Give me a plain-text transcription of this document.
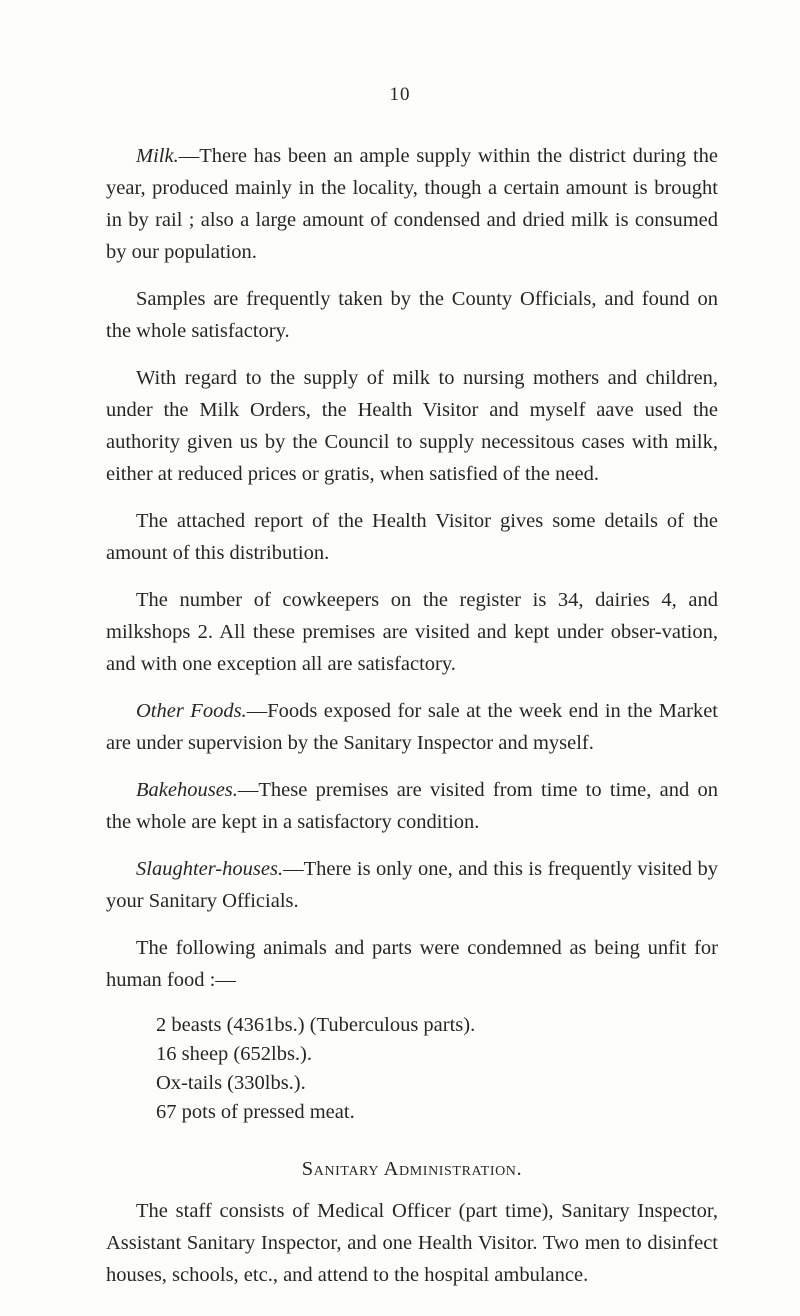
10

Milk.—There has been an ample supply within the district during the year, produced mainly in the locality, though a certain amount is brought in by rail ; also a large amount of condensed and dried milk is consumed by our population.

Samples are frequently taken by the County Officials, and found on the whole satisfactory.

With regard to the supply of milk to nursing mothers and children, under the Milk Orders, the Health Visitor and myself aave used the authority given us by the Council to supply necessitous cases with milk, either at reduced prices or gratis, when satisfied of the need.

The attached report of the Health Visitor gives some details of the amount of this distribution.

The number of cowkeepers on the register is 34, dairies 4, and milkshops 2. All these premises are visited and kept under obser-vation, and with one exception all are satisfactory.

Other Foods.—Foods exposed for sale at the week end in the Market are under supervision by the Sanitary Inspector and myself.

Bakehouses.—These premises are visited from time to time, and on the whole are kept in a satisfactory condition.

Slaughter-houses.—There is only one, and this is frequently visited by your Sanitary Officials.

The following animals and parts were condemned as being unfit for human food :—

2 beasts (4361bs.) (Tuberculous parts).
16 sheep (652lbs.).
Ox-tails (330lbs.).
67 pots of pressed meat.
Sanitary Administration.

The staff consists of Medical Officer (part time), Sanitary Inspector, Assistant Sanitary Inspector, and one Health Visitor. Two men to disinfect houses, schools, etc., and attend to the hospital ambulance.
